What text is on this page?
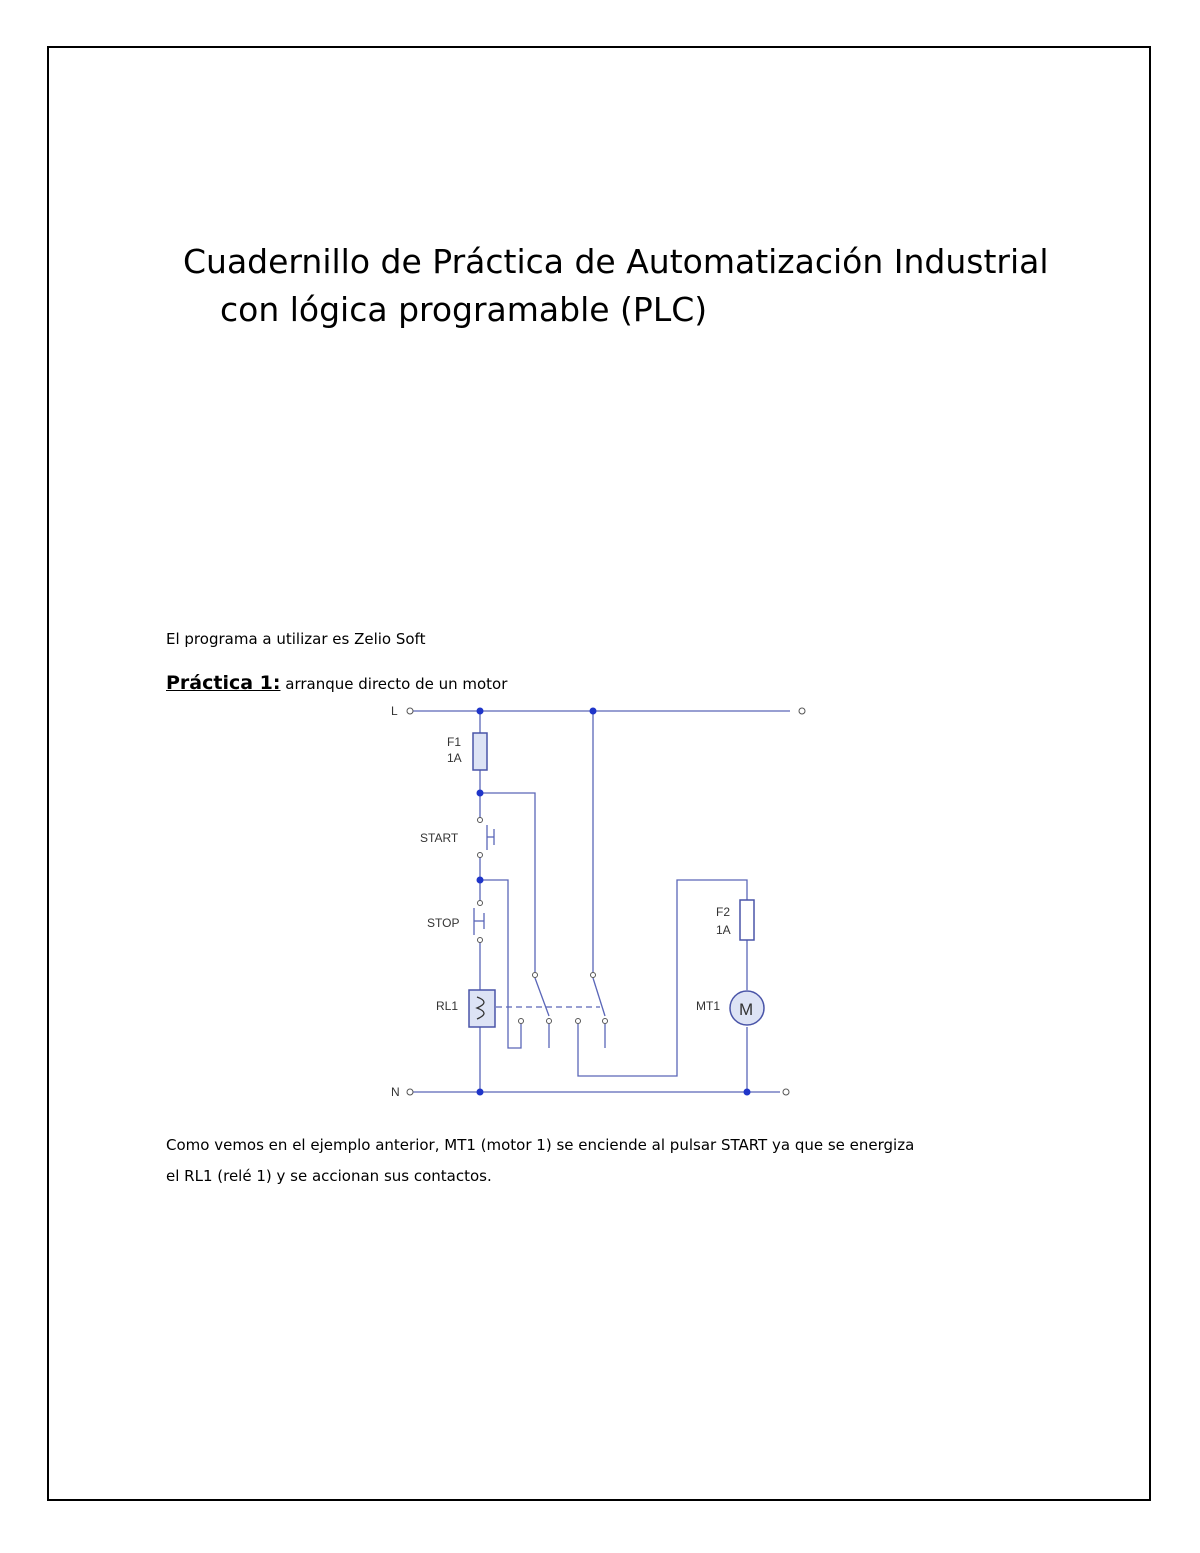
Cuadernillo de Práctica de Automatización Industrial
con lógica programable (PLC)

El programa a utilizar es Zelio Soft

Práctica 1: arranque directo de un motor

L
N
F1
1A
START
STOP
RL1
F2
1A
MT1 M

Como vemos en el ejemplo anterior, MT1 (motor 1) se enciende al pulsar START ya que se energiza
el RL1 (relé 1) y se accionan sus contactos.
